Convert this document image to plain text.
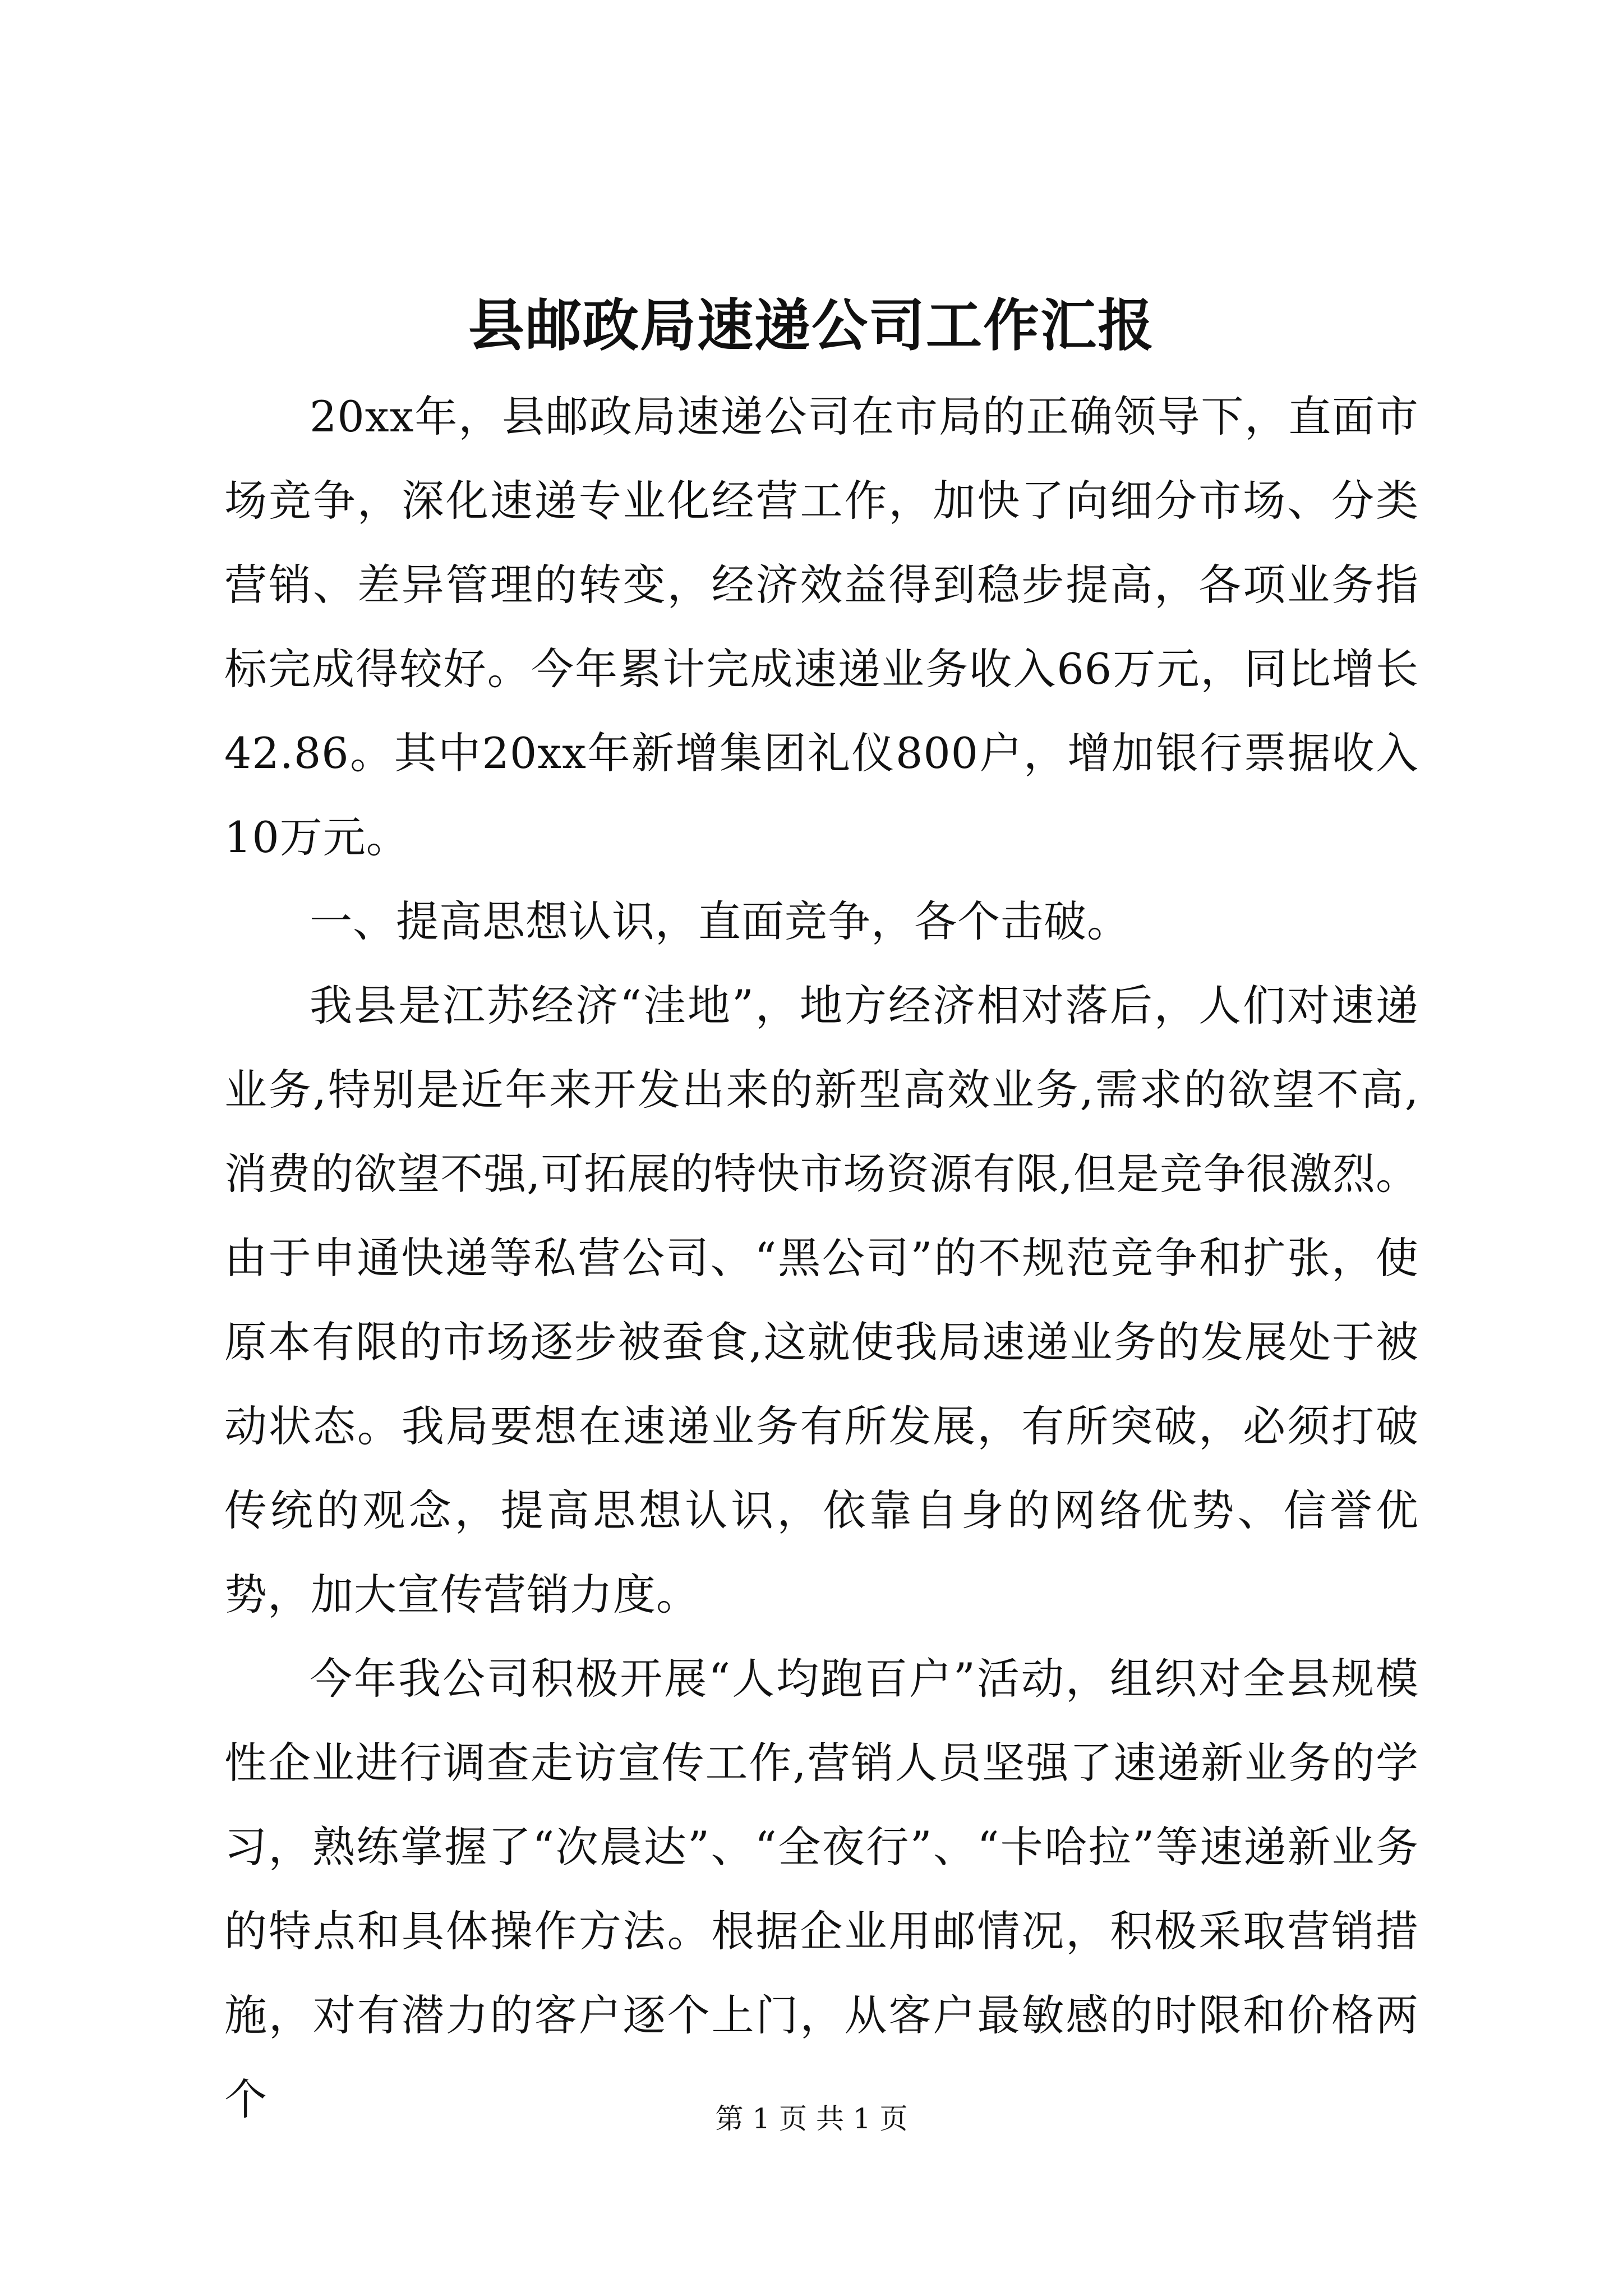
县邮政局速递公司工作汇报

20xx年，县邮政局速递公司在市局的正确领导下，直面市场竞争，深化速递专业化经营工作，加快了向细分市场、分类营销、差异管理的转变，经济效益得到稳步提高，各项业务指标完成得较好。今年累计完成速递业务收入66万元，同比增长42.86。其中20xx年新增集团礼仪800户，增加银行票据收入10万元。

一、提高思想认识，直面竞争，各个击破。

我县是江苏经济“洼地”，地方经济相对落后，人们对速递业务,特别是近年来开发出来的新型高效业务,需求的欲望不高,消费的欲望不强,可拓展的特快市场资源有限,但是竞争很激烈。由于申通快递等私营公司、“黑公司”的不规范竞争和扩张，使原本有限的市场逐步被蚕食,这就使我局速递业务的发展处于被动状态。我局要想在速递业务有所发展，有所突破，必须打破传统的观念，提高思想认识，依靠自身的网络优势、信誉优势，加大宣传营销力度。

今年我公司积极开展“人均跑百户”活动，组织对全县规模性企业进行调查走访宣传工作,营销人员坚强了速递新业务的学习，熟练掌握了“次晨达”、“全夜行”、“卡哈拉”等速递新业务的特点和具体操作方法。根据企业用邮情况，积极采取营销措施，对有潜力的客户逐个上门，从客户最敏感的时限和价格两个	第 1 页 共 1 页
